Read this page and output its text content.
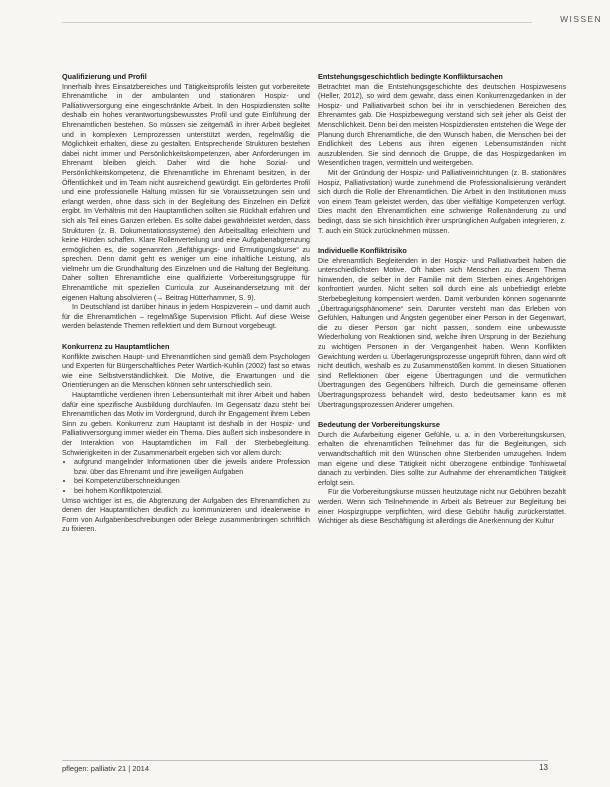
WISSEN
Qualifizierung und Profil

Innerhalb ihres Einsatzbereiches und Tätigkeitsprofils leisten gut vorbereitete Ehrenamtliche in der ambulanten und stationären Hospiz- und Palliativversorgung eine eingeschränkte Arbeit. In den Hospizdiensten sollte deshalb ein hohes verantwortungsbewusstes Profil und gute Einführung der Ehrenamtlichen bestehen. So müssen sie zeitgemäß in ihrer Arbeit begleitet und in komplexen Lernprozessen unterstützt werden, regelmäßig die Möglichkeit erhalten, diese zu gestalten. Entsprechende Strukturen bestehen dabei nicht immer und Persönlichkeitskompetenzen, aber Anforderungen im Ehrenamt bleiben gleich. Daher wird die hohe Sozial- und Persönlichkeitskompetenz, die Ehrenamtliche im Ehrenamt besitzen, in der Öffentlichkeit und im Team nicht ausreichend gewürdigt. Ein gefördertes Profil und eine professionelle Haltung müssen für sie Voraussetzungen sein und erlangt werden, ohne dass sich in der Begleitung des Einzelnen ein Defizit ergibt. Im Verhältnis mit den Hauptamtlichen sollten sie Rückhalt erfahren und sich als Teil eines Ganzen erleben. Es sollte dabei gewährleistet werden, dass Strukturen (z. B. Dokumentationssysteme) den Arbeitsalltag erleichtern und keine Hürden schaffen. Klare Rollenverteilung und eine Aufgabenabgrenzung ermöglichen es, die sogenannten „Befähigungs- und Ermutigungskurse“ zu sprechen. Denn damit geht es weniger um eine inhaltliche Leistung, als vielmehr um die Grundhaltung des Einzelnen und die Haltung der Begleitung. Daher sollten Ehrenamtliche eine qualifizierte Vorbereitungsgruppe für Ehrenamtliche mit speziellen Curricula zur Auseinandersetzung mit der eigenen Haltung absolvieren (→ Beitrag Hütterhammer, S. 9).

In Deutschland ist darüber hinaus in jedem Hospizverein – und damit auch für die Ehrenamtlichen – regelmäßige Supervision Pflicht. Auf diese Weise werden belastende Themen reflektiert und dem Burnout vorgebeugt.

Konkurrenz zu Hauptamtlichen

Konflikte zwischen Haupt- und Ehrenamtlichen sind gemäß dem Psychologen und Experten für Bürgerschaftliches Peter Wartlich-Kuhlin (2002) fast so etwas wie eine Selbstverständlichkeit. Die Motive, die Erwartungen und die Orientierungen an die Menschen können sehr unterschiedlich sein.

Hauptamtliche verdienen ihren Lebensunterhalt mit ihrer Arbeit und haben dafür eine spezifische Ausbildung durchlaufen. Im Gegensatz dazu steht bei Ehrenamtlichen das Motiv im Vordergrund, durch ihr Engagement ihrem Leben Sinn zu geben. Konkurrenz zum Hauptamt ist deshalb in der Hospiz- und Palliativversorgung immer wieder ein Thema. Dies äußert sich insbesondere in der Interaktion von Hauptamtlichen im Fall der Sterbebegleitung. Schwierigkeiten in der Zusammenarbeit ergeben sich vor allem durch:

• aufgrund mangelnder Informationen über die jeweils andere Profession bzw. über das Ehrenamt und ihre jeweiligen Aufgaben
• bei Kompetenzüberschneidungen
• bei hohem Konfliktpotenzial.

Umso wichtiger ist es, die Abgrenzung der Aufgaben des Ehrenamtlichen zu denen der Hauptamtlichen deutlich zu kommunizieren und idealerweise in Form von Aufgabenbeschreibungen oder Belege zusammenbringen schriftlich zu fixieren.

Entstehungsgeschichtlich bedingte Konfliktursachen

Betrachtet man die Entstehungsgeschichte des deutschen Hospizwesens (Heller, 2012), so wird dem gewahr, dass einen Konkurrenzgedanken in der Hospiz- und Palliativarbeit schon bei ihr in verschiedenen Bereichen des Ehrenamtes gab. Die Hospizbewegung verstand sich seit jeher als Geist der Menschlichkeit. Denn bei den meisten Hospizdiensten entstehen die Wege der Planung durch Ehrenamtliche, die den Wunsch haben, die Menschen bei der Endlichkeit des Lebens aus ihren eigenen Lebensumständen nicht auszublenden. Sie sind dennoch die Gruppe, die das Hospizgedanken im Wesentlichen tragen, vermitteln und weitergeben.

Mit der Gründung der Hospiz- und Palliativeinrichtungen (z. B. stationäres Hospiz, Palliativstation) wurde zunehmend die Professionalisierung verändert sich durch die Rolle der Ehrenamtlichen. Die Arbeit in den Institutionen muss von einem Team geleistet werden, das über vielfältige Kompetenzen verfügt. Dies macht den Ehrenamtlichen eine schwierige Rollenänderung zu und bedingt, dass sie sich hinsichtlich ihrer ursprünglichen Aufgaben integrieren, z. T. auch ein Stück zurücknehmen müssen.

Individuelle Konfliktrisiko

Die ehrenamtlich Begleitenden in der Hospiz- und Palliativarbeit haben die unterschiedlichsten Motive. Oft haben sich Menschen zu diesem Thema hinwenden, die selber in der Familie mit dem Sterben eines Angehörigen konfrontiert wurden. Nicht selten soll durch eine als unbefriedigt erlebte Sterbebegleitung kompensiert werden. Damit verbunden können sogenannte „Übertragungsphänomene“ sein. Darunter versteht man das Erleben von Gefühlen, Haltungen und Ängsten gegenüber einer Person in der Gegenwart, die zu dieser Person gar nicht passen, sondern eine unbewusste Wiederholung von Reaktionen sind, welche ihren Ursprung in der Beziehung zu wichtigen Personen in der Vergangenheit haben. Wenn Konflikten Gewichtung werden u. Überlagerungsprozesse ungeprüft führen, dann wird oft nicht deutlich, weshalb es zu Zusammenstößen kommt. In diesen Situationen sind Reflektionen über eigene Übertragungen und die vermutlichen Übertragungen des Gegenübers hilfreich. Durch die gemeinsame offenen Übertragungsprozess behandelt wird, desto bedeutsamer kann es mit Übertragungsprozessen Anderer umgehen.

Bedeutung der Vorbereitungskurse

Durch die Aufarbeitung eigener Gefühle, u. a. in den Vorbereitungskursen, erhalten die ehrenamtlichen Teilnehmer das für die Begleitungen, sich verwandtschaftlich mit den Wünschen ohne Sterbenden umzugehen. Indem man eigene und diese Tätigkeit nicht überzogene entbindige Tonhiswetal danach zu verbinden. Dies sollte zur Aufnahme der ehrenamtlichen Tätigkeit erfolgt sein.

Für die Vorbereitungskurse müssen heutzutage nicht nur Gebühren bezahlt werden. Wenn sich Teilnehmende in Arbeit als Betreuer zur Begleitung bei einer Hospizgruppe verpflichten, wird diese Gebühr häufig zurückerstattet. Wichtiger als diese Beschäftigung ist allerdings die Anerkennung der Kultur

pflegen: palliativ 21 | 2014	13
